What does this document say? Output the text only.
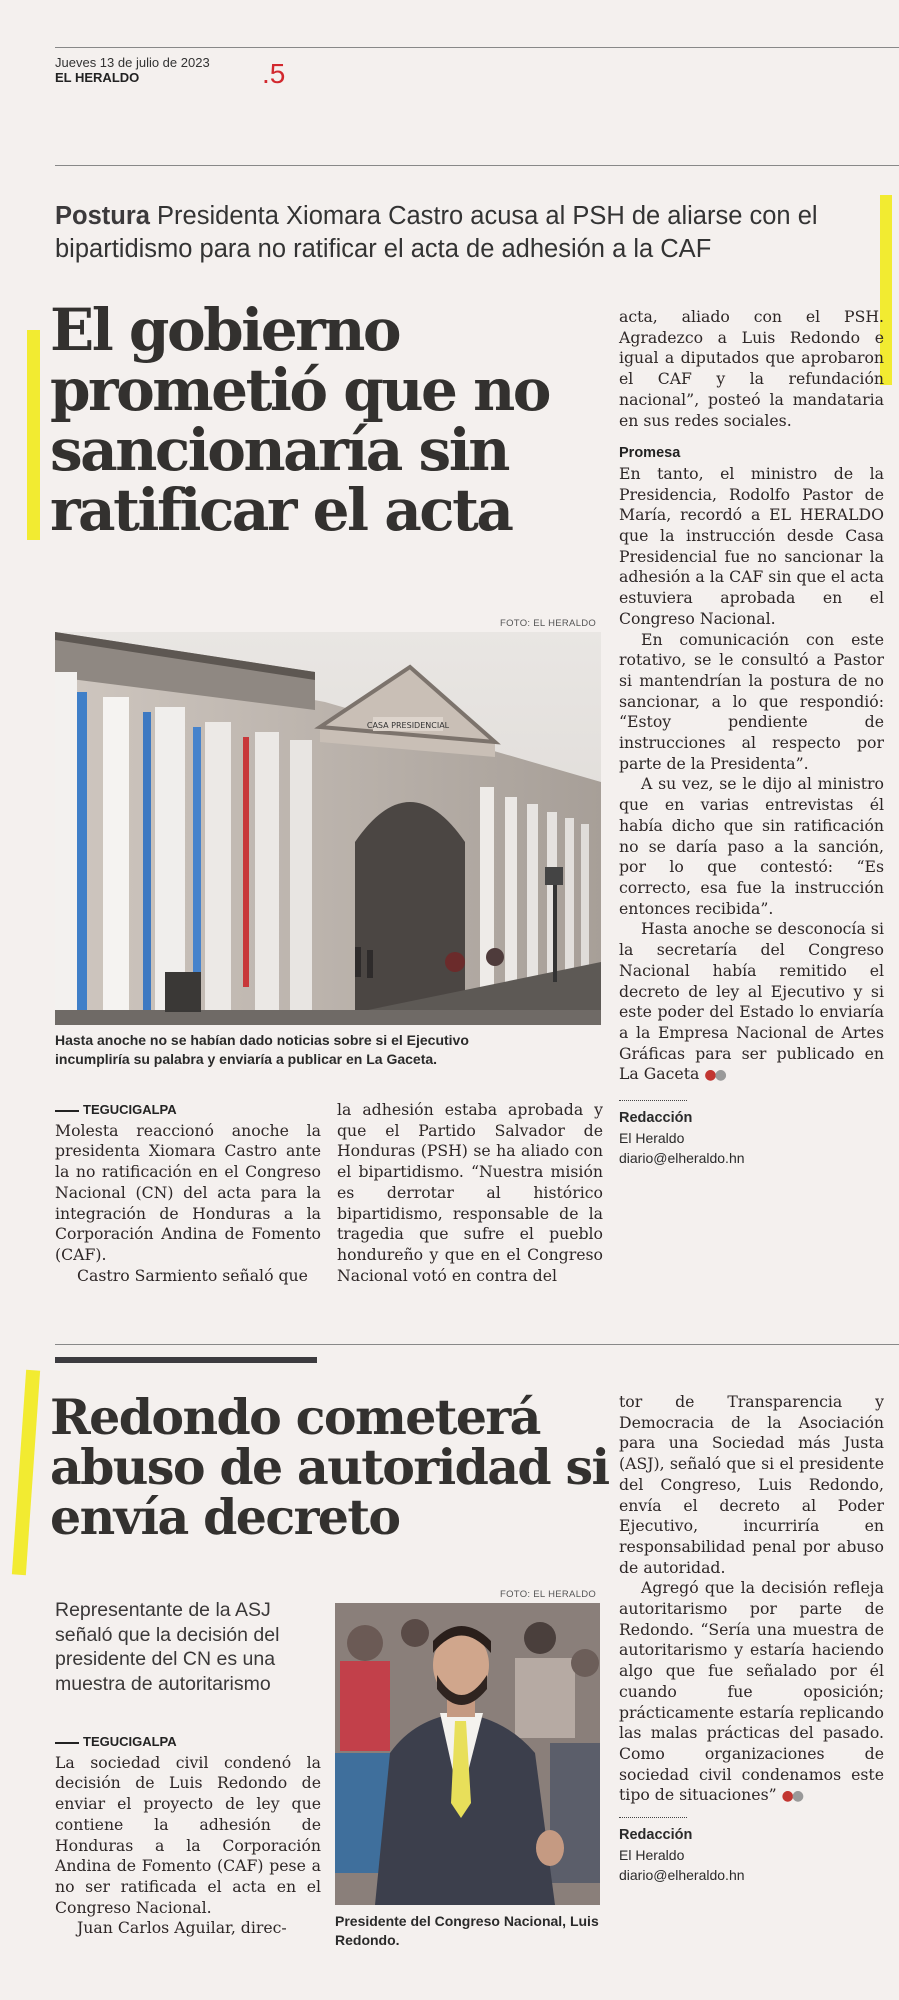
Jueves 13 de julio de 2023
EL HERALDO	.5
Postura Presidenta Xiomara Castro acusa al PSH de aliarse con el bipartidismo para no ratificar el acta de adhesión a la CAF
El gobierno prometió que no sancionaría sin ratificar el acta
FOTO: EL HERALDO
CASA PRESIDENCIAL
Hasta anoche no se habían dado noticias sobre si el Ejecutivo incumpliría su palabra y enviaría a publicar en La Gaceta.
TEGUCIGALPA

Molesta reaccionó anoche la presidenta Xiomara Castro ante la no ratificación en el Congreso Nacional (CN) del acta para la integración de Honduras a la Corporación Andina de Fomento (CAF).

Castro Sarmiento señaló que

la adhesión estaba aprobada y que el Partido Salvador de Honduras (PSH) se ha aliado con el bipartidismo. “Nuestra misión es derrotar al histórico bipartidismo, responsable de la tragedia que sufre el pueblo hondureño y que en el Congreso Nacional votó en contra del

acta, aliado con el PSH. Agradezco a Luis Redondo e igual a diputados que aprobaron el CAF y la refundación nacional”, posteó la mandataria en sus redes sociales.

Promesa

En tanto, el ministro de la Presidencia, Rodolfo Pastor de María, recordó a EL HERALDO que la instrucción desde Casa Presidencial fue no sancionar la adhesión a la CAF sin que el acta estuviera aprobada en el Congreso Nacional.

En comunicación con este rotativo, se le consultó a Pastor si mantendrían la postura de no sancionar, a lo que respondió: “Estoy pendiente de instrucciones al respecto por parte de la Presidenta”.

A su vez, se le dijo al ministro que en varias entrevistas él había dicho que sin ratificación no se daría paso a la sanción, por lo que contestó: “Es correcto, esa fue la instrucción entonces recibida”.

Hasta anoche se desconocía si la secretaría del Congreso Nacional había remitido el decreto de ley al Ejecutivo y si este poder del Estado lo enviaría a la Empresa Nacional de Artes Gráficas para ser publicado en La Gaceta ●●

Redacción
El Heraldo
diario@elheraldo.hn
Redondo cometerá abuso de autoridad si envía decreto
Representante de la ASJ señaló que la decisión del presidente del CN es una muestra de autoritarismo
TEGUCIGALPA

La sociedad civil condenó la decisión de Luis Redondo de enviar el proyecto de ley que contiene la adhesión de Honduras a la Corporación Andina de Fomento (CAF) pese a no ser ratificada el acta en el Congreso Nacional.

Juan Carlos Aguilar, direc-

FOTO: EL HERALDO
Presidente del Congreso Nacional, Luis Redondo.

tor de Transparencia y Democracia de la Asociación para una Sociedad más Justa (ASJ), señaló que si el presidente del Congreso, Luis Redondo, envía el decreto al Poder Ejecutivo, incurriría en responsabilidad penal por abuso de autoridad.

Agregó que la decisión refleja autoritarismo por parte de Redondo. “Sería una muestra de autoritarismo y estaría haciendo algo que fue señalado por él cuando fue oposición; prácticamente estaría replicando las malas prácticas del pasado. Como organizaciones de sociedad civil condenamos este tipo de situaciones” ●●

Redacción
El Heraldo
diario@elheraldo.hn
